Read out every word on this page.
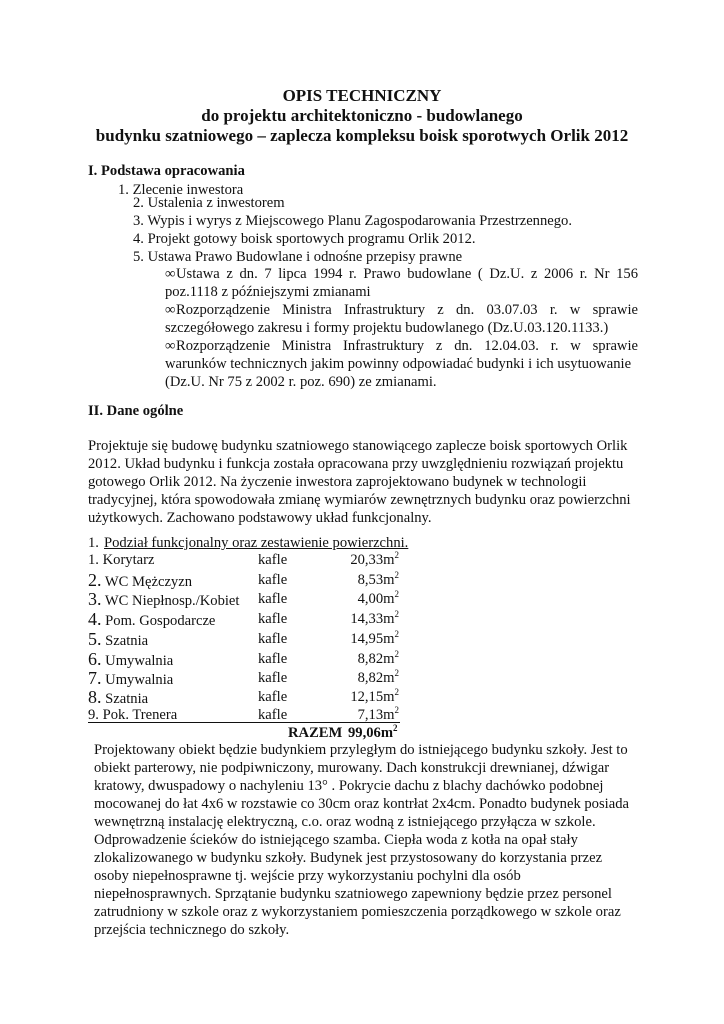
OPIS TECHNICZNY
do projektu architektoniczno - budowlanego
budynku szatniowego – zaplecza kompleksu boisk sporotwych Orlik 2012
I. Podstawa opracowania
1. Zlecenie inwestora
2. Ustalenia z inwestorem
3. Wypis i wyrys z Miejscowego Planu Zagospodarowania Przestrzennego.
4. Projekt gotowy boisk sportowych programu Orlik 2012.
5. Ustawa Prawo Budowlane i odnośne przepisy prawne
∞ Ustawa z dn. 7 lipca 1994 r. Prawo budowlane ( Dz.U. z 2006 r. Nr 156
poz.1118 z późniejszymi zmianami
∞ Rozporządzenie Ministra Infrastruktury z dn. 03.07.03 r. w sprawie
szczegółowego zakresu i formy projektu budowlanego (Dz.U.03.120.1133.)
∞ Rozporządzenie Ministra Infrastruktury z dn. 12.04.03. r. w sprawie
warunków technicznych jakim powinny odpowiadać budynki i ich usytuowanie
(Dz.U. Nr 75 z 2002 r. poz. 690) ze zmianami.
II. Dane ogólne
Projektuje się budowę budynku szatniowego stanowiącego zaplecze boisk sportowych Orlik
2012. Układ budynku i funkcja została opracowana przy uwzględnieniu rozwiązań projektu
gotowego Orlik 2012. Na życzenie inwestora zaprojektowano budynek w technologii
tradycyjnej, która spowodowała zmianę wymiarów zewnętrznych budynku oraz powierzchni
użytkowych. Zachowano podstawowy układ funkcjonalny.
1. Podział funkcjonalny oraz zestawienie powierzchni.
1. Korytarz	kafle	$20,33m^2$
2. WC Mężczyzn	kafle	$8,53m^2$
3. WC Niepłnosp./Kobiet kafle	$4,00m^2$
4. Pom. Gospodarcze	kafle	$14,33m^2$
5. Szatnia	kafle	$14,95m^2$
6. Umywalnia	kafle	$8,82m^2$
7. Umywalnia	kafle	$8,82m^2$
8. Szatnia	kafle	$12,15m^2$
9. Pok. Trenera	kafle	$7,13m^2$
RAZEM $99,06m^2$
Projektowany obiekt będzie budynkiem przyległym do istniejącego budynku szkoły. Jest to
obiekt parterowy, nie podpiwniczony, murowany. Dach konstrukcji drewnianej, dźwigar
kratowy, dwuspadowy o nachyleniu 13° . Pokrycie dachu z blachy dachówko podobnej
mocowanej do łat 4x6 w rozstawie co 30cm oraz kontrłat 2x4cm. Ponadto budynek posiada
wewnętrzną instalację elektryczną, c.o. oraz wodną z istniejącego przyłącza w szkole.
Odprowadzenie ścieków do istniejącego szamba. Ciepła woda z kotła na opał stały
zlokalizowanego w budynku szkoły. Budynek jest przystosowany do korzystania przez
osoby niepełnosprawne tj. wejście przy wykorzystaniu pochylni dla osób
niepełnosprawnych. Sprzątanie budynku szatniowego zapewniony będzie przez personel
zatrudniony w szkole oraz z wykorzystaniem pomieszczenia porządkowego w szkole oraz
przejścia technicznego do szkoły.
